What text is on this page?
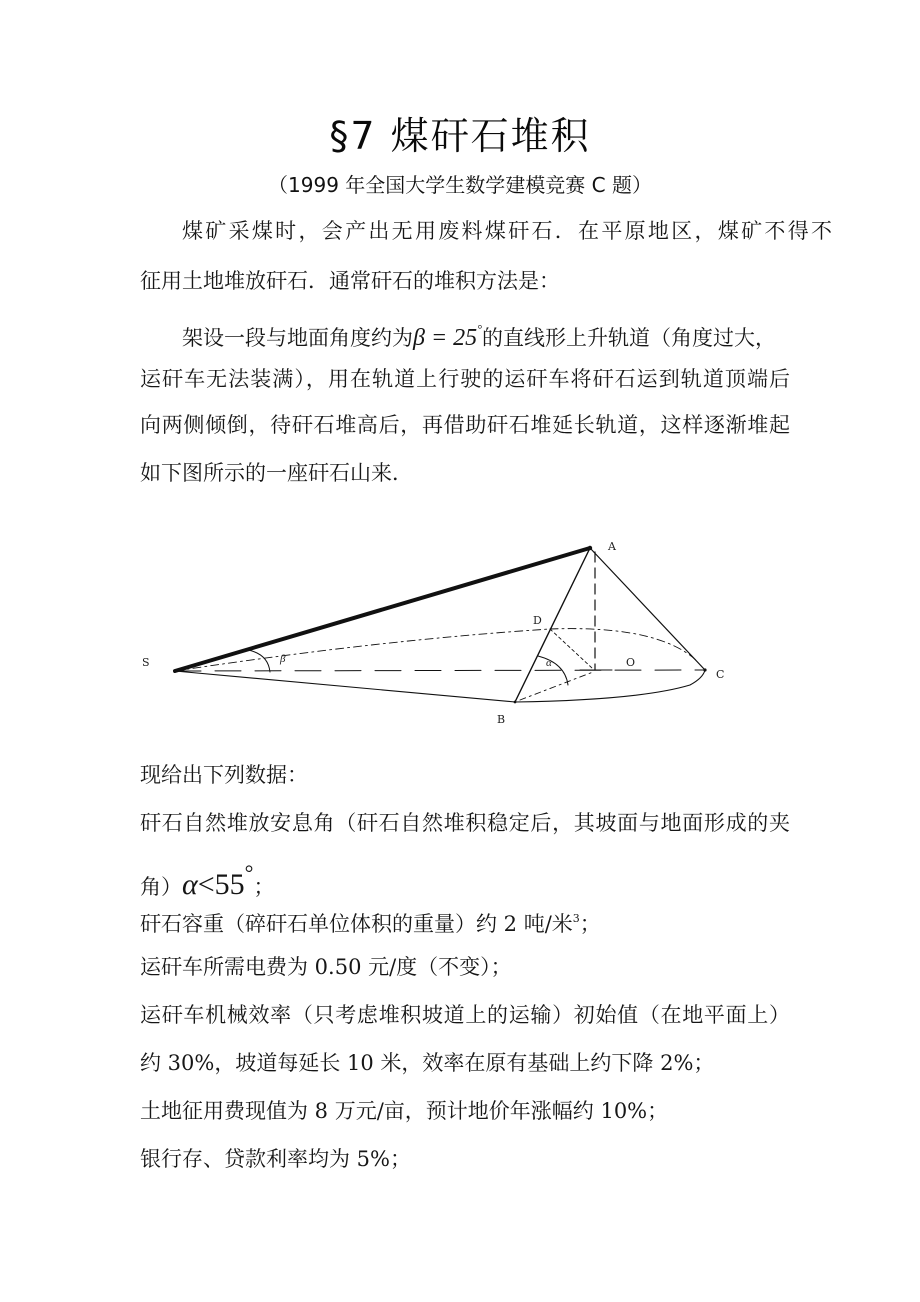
§7 煤矸石堆积
（1999 年全国大学生数学建模竞赛 C 题）
煤矿采煤时，会产出无用废料煤矸石．在平原地区，煤矿不得不
征用土地堆放矸石．通常矸石的堆积方法是：
架设一段与地面角度约为β = 25°的直线形上升轨道（角度过大，
运矸车无法装满），用在轨道上行驶的运矸车将矸石运到轨道顶端后
向两侧倾倒，待矸石堆高后，再借助矸石堆延长轨道，这样逐渐堆起
如下图所示的一座矸石山来．
S
A
B
C
D
O
β	α
现给出下列数据：
矸石自然堆放安息角（矸石自然堆积稳定后，其坡面与地面形成的夹
角）α<55°；
矸石容重（碎矸石单位体积的重量）约 2 吨/米$^3$；
运矸车所需电费为 0.50 元/度（不变）；
运矸车机械效率（只考虑堆积坡道上的运输）初始值（在地平面上）
约 30%，坡道每延长 10 米，效率在原有基础上约下降 2%；
土地征用费现值为 8 万元/亩，预计地价年涨幅约 10%；
银行存、贷款利率均为 5%；
